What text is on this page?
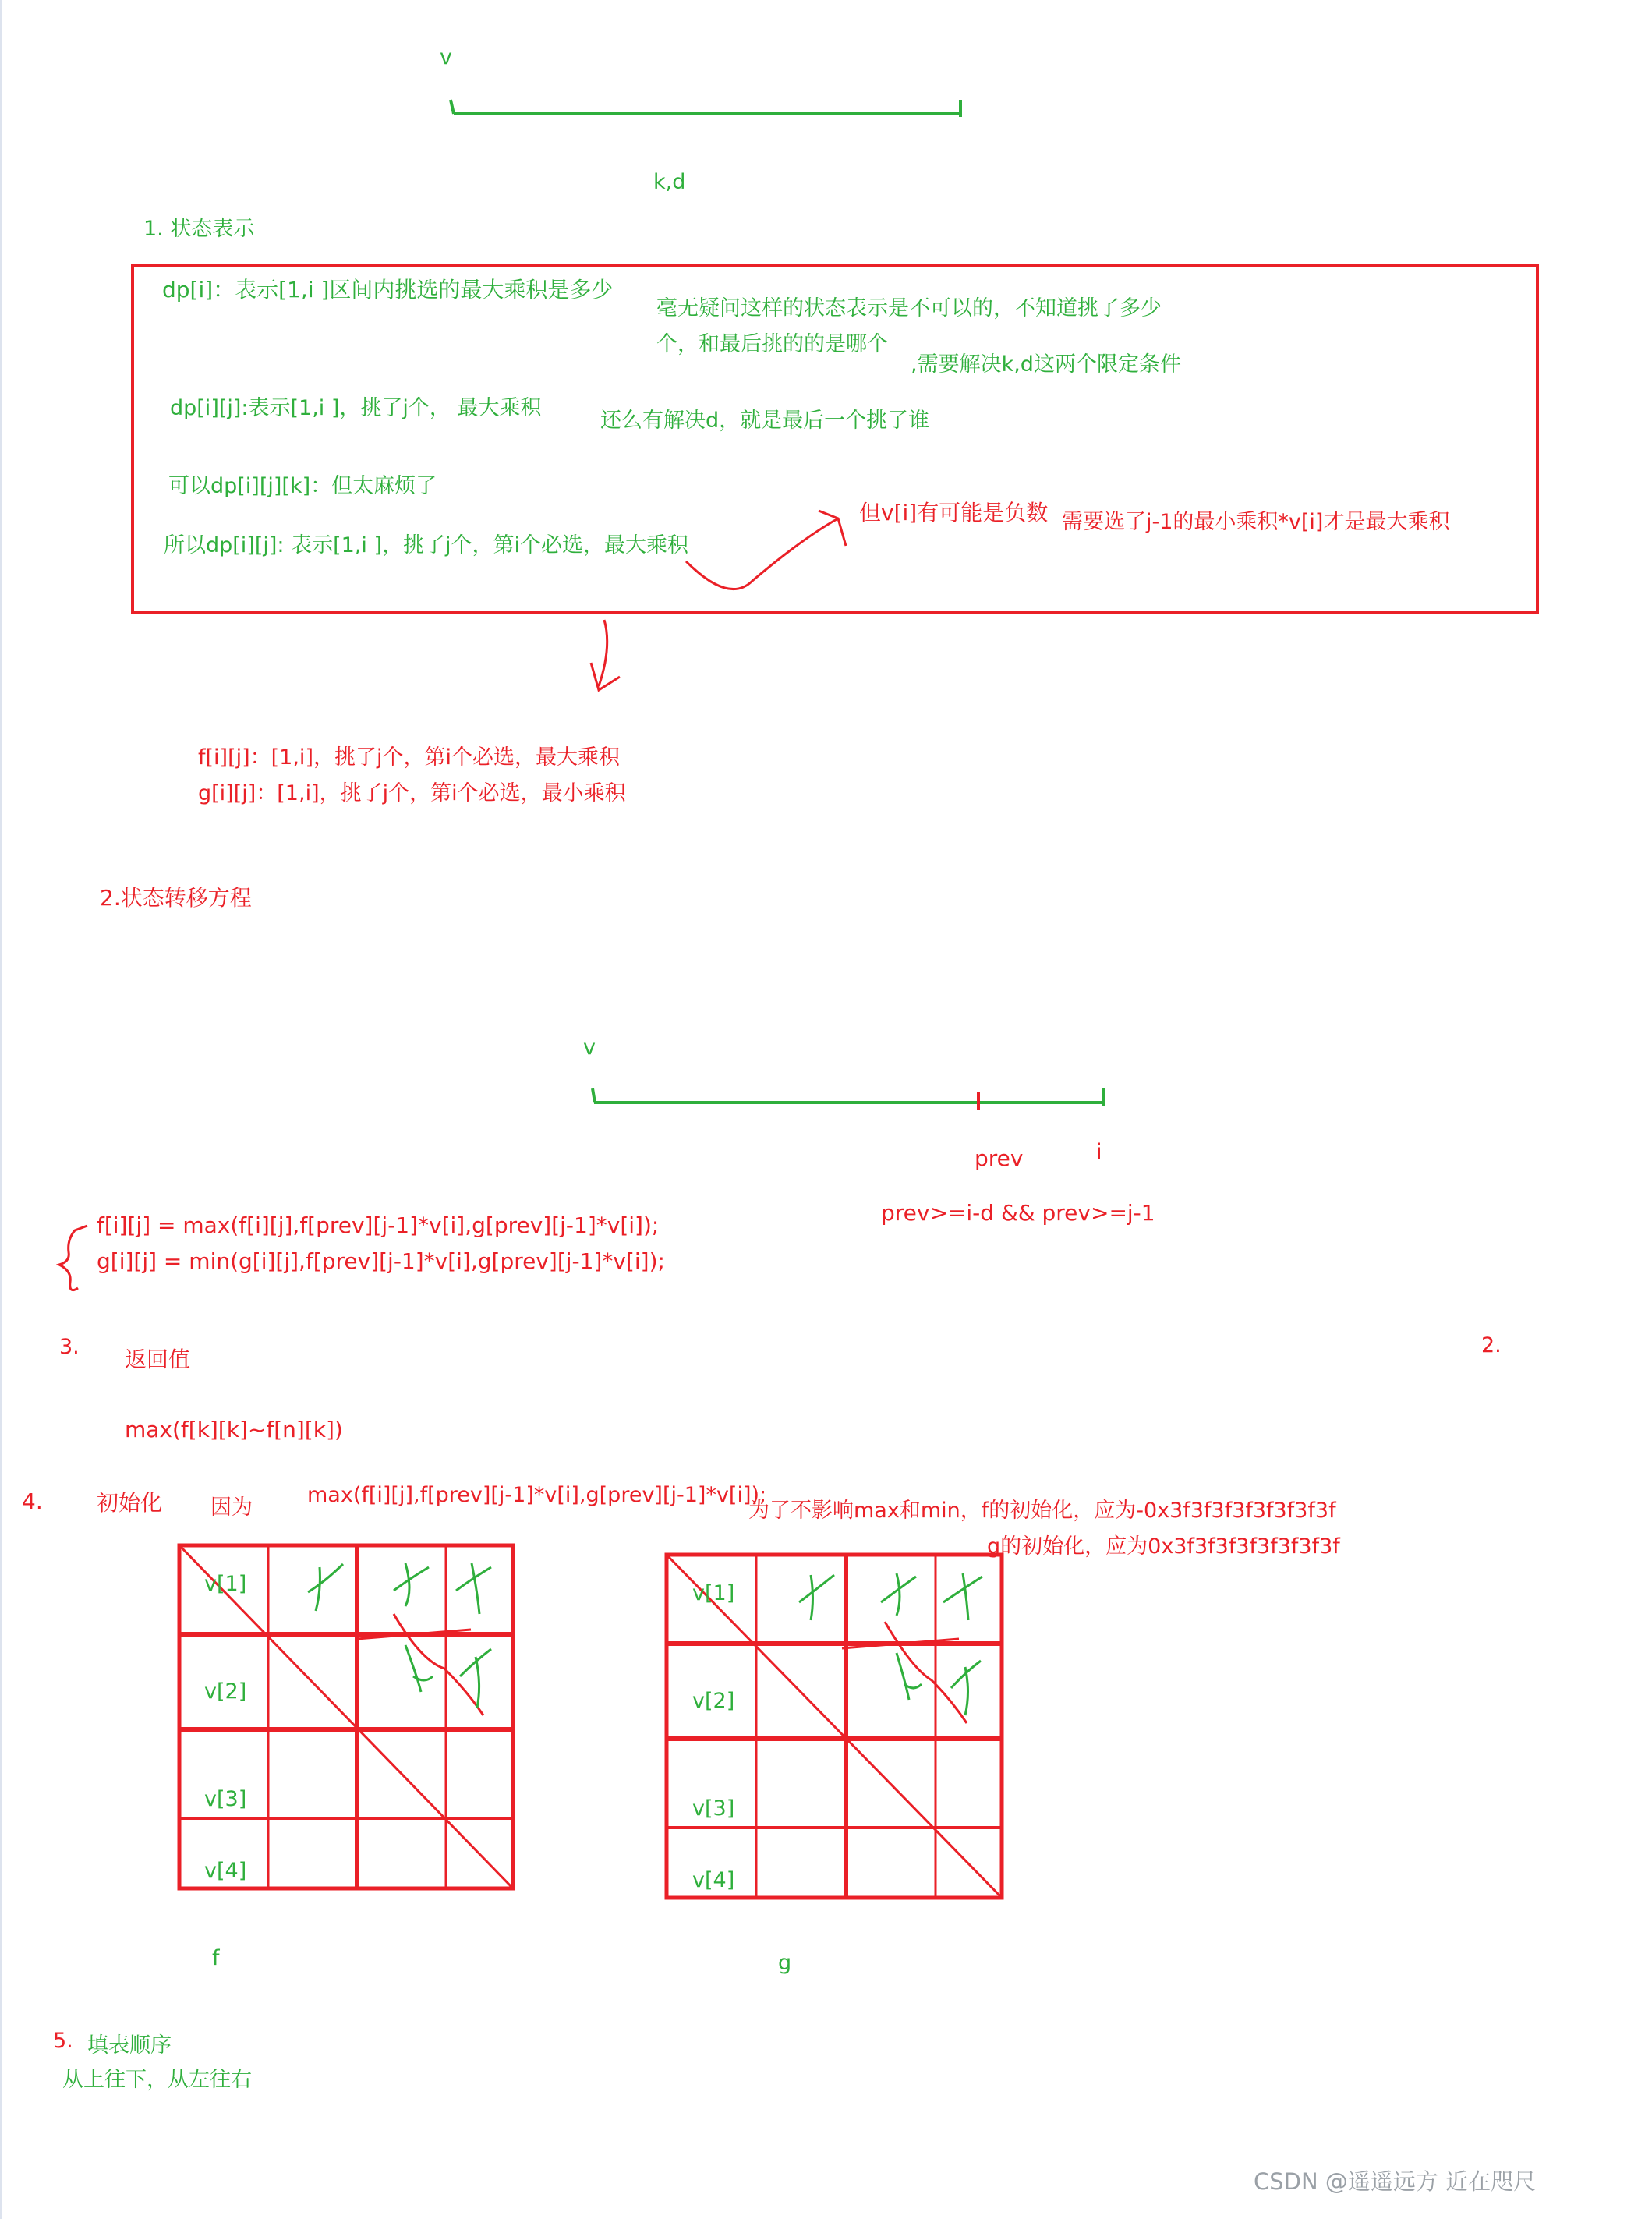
v
k,d
1. 状态表示
dp[i]：表示[1,i ]区间内挑选的最大乘积是多少
毫无疑问这样的状态表示是不可以的，不知道挑了多少
个，和最后挑的的是哪个
,需要解决k,d这两个限定条件
dp[i][j]:表示[1,i ]，挑了j个， 最大乘积
还么有解决d，就是最后一个挑了谁
可以dp[i][j][k]：但太麻烦了
所以dp[i][j]: 表示[1,i ]，挑了j个，第i个必选，最大乘积
但v[i]有可能是负数 需要选了j-1的最小乘积*v[i]才是最大乘积
f[i][j]：[1,i]，挑了j个，第i个必选，最大乘积
g[i][j]：[1,i]，挑了j个，第i个必选，最小乘积
2.状态转移方程
v
prev	i
prev>=i-d && prev>=j-1
f[i][j] = max(f[i][j],f[prev][j-1]*v[i],g[prev][j-1]*v[i]);
g[i][j] = min(g[i][j],f[prev][j-1]*v[i],g[prev][j-1]*v[i]);
3. 返回值
2.
max(f[k][k]~f[n][k])
4. 初始化 因为
max(f[i][j],f[prev][j-1]*v[i],g[prev][j-1]*v[i]);
为了不影响max和min，f的初始化，应为-0x3f3f3f3f3f3f3f3f
g的初始化，应为0x3f3f3f3f3f3f3f3f
v[1]
v[2]
v[3]
v[4]
f
v[1]
v[2]
v[3]
v[4]
g
5. 填表顺序
从上往下，从左往右
CSDN @遥遥远方 近在咫尺
